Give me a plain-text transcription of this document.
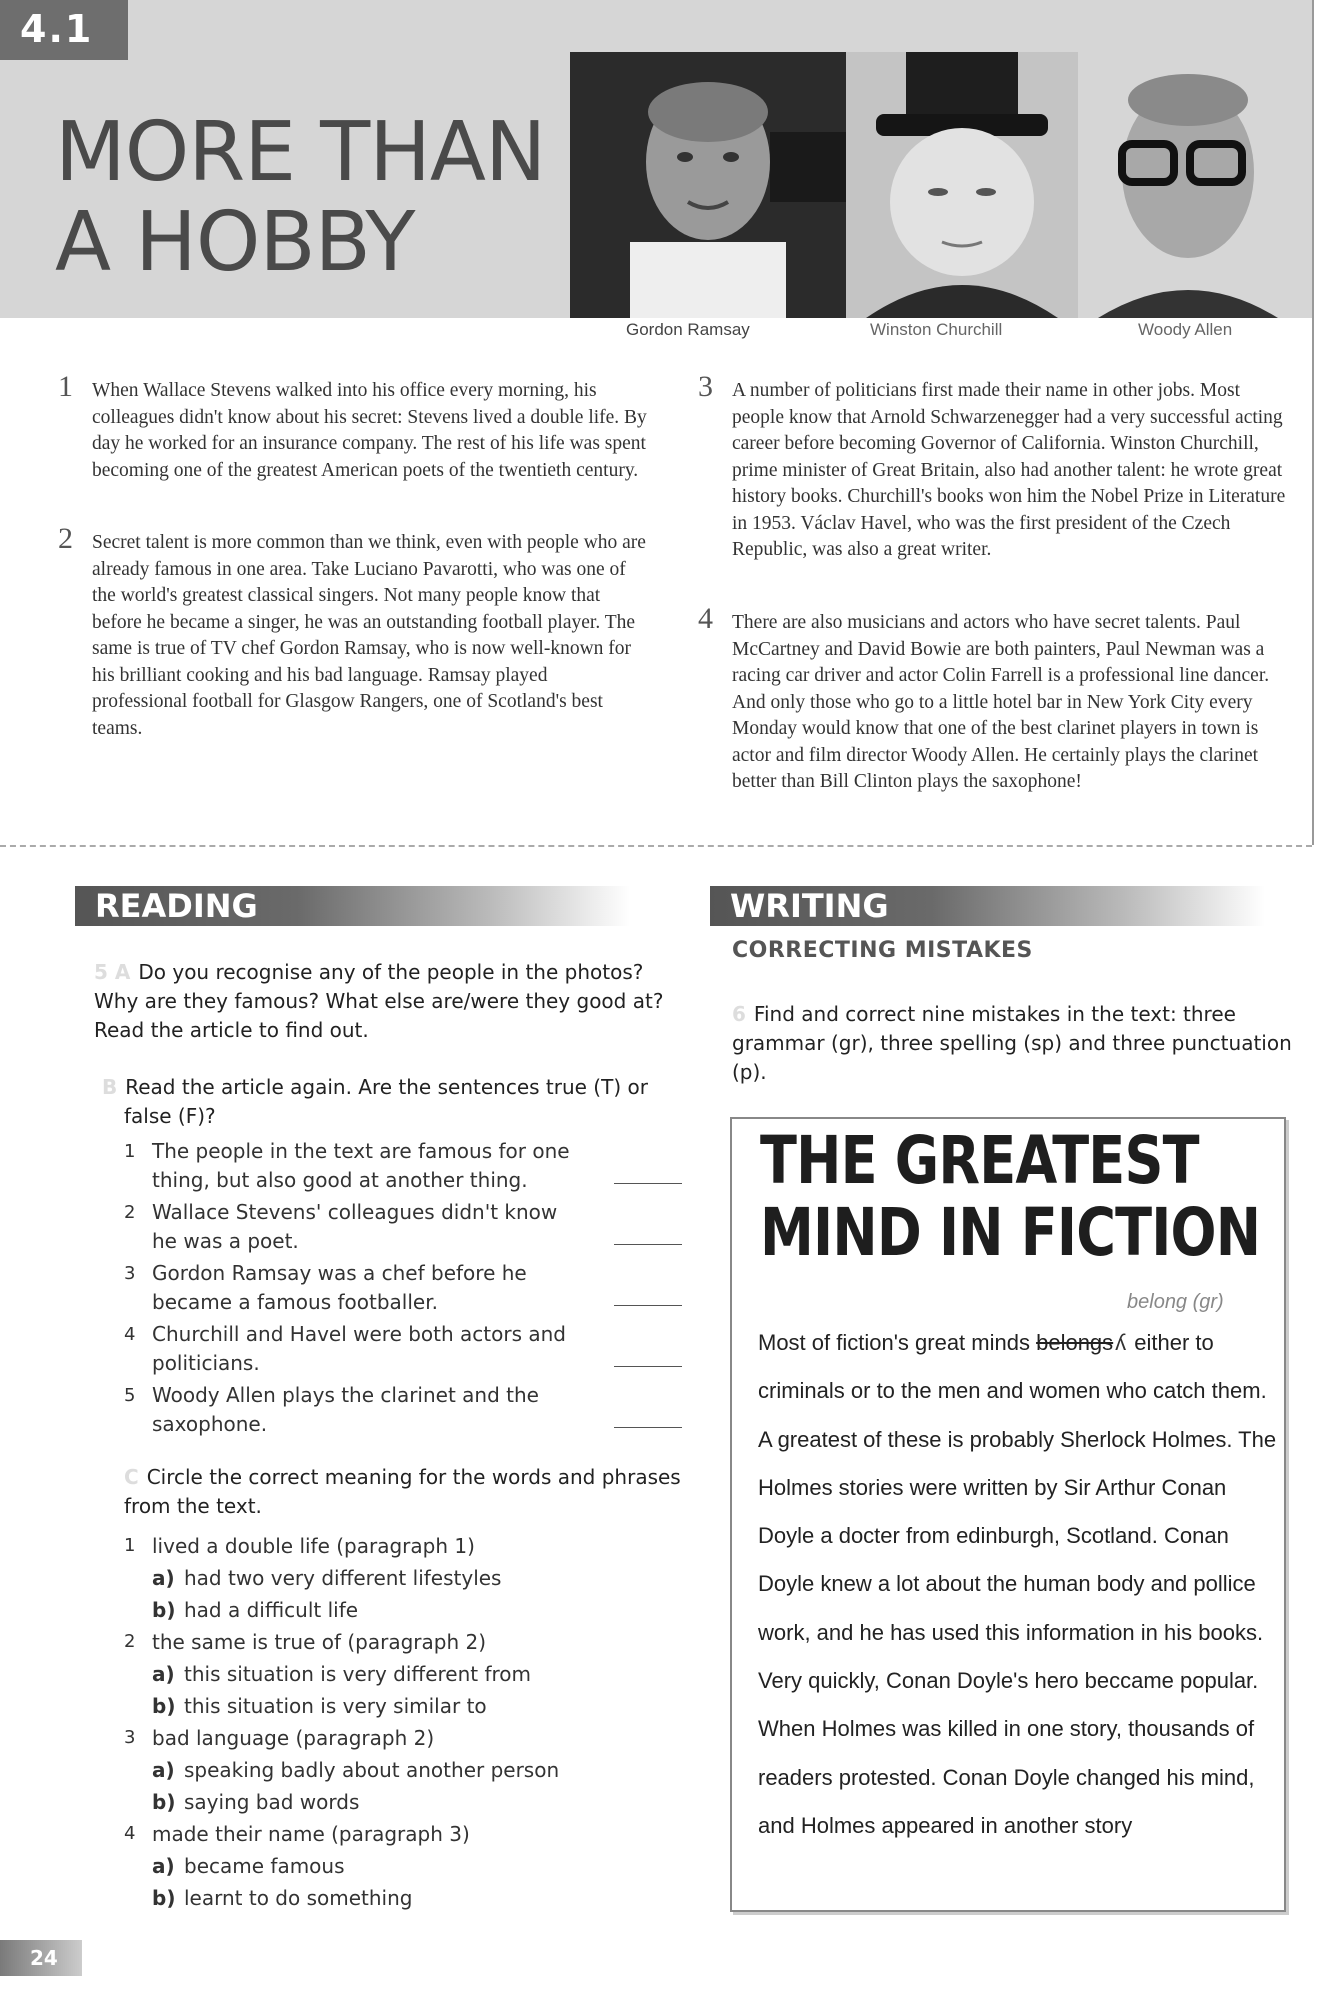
4.1
MORE THAN
A HOBBY
Gordon Ramsay	Winston Churchill	Woody Allen
1 When Wallace Stevens walked into his office every morning, his colleagues didn't know about his secret: Stevens lived a double life. By day he worked for an insurance company. The rest of his life was spent becoming one of the greatest American poets of the twentieth century.
2 Secret talent is more common than we think, even with people who are already famous in one area. Take Luciano Pavarotti, who was one of the world's greatest classical singers. Not many people know that before he became a singer, he was an outstanding football player. The same is true of TV chef Gordon Ramsay, who is now well-known for his brilliant cooking and his bad language. Ramsay played professional football for Glasgow Rangers, one of Scotland's best teams.
3 A number of politicians first made their name in other jobs. Most people know that Arnold Schwarzenegger had a very successful acting career before becoming Governor of California. Winston Churchill, prime minister of Great Britain, also had another talent: he wrote great history books. Churchill's books won him the Nobel Prize in Literature in 1953. Václav Havel, who was the first president of the Czech Republic, was also a great writer.
4 There are also musicians and actors who have secret talents. Paul McCartney and David Bowie are both painters, Paul Newman was a racing car driver and actor Colin Farrell is a professional line dancer. And only those who go to a little hotel bar in New York City every Monday would know that one of the best clarinet players in town is actor and film director Woody Allen. He certainly plays the clarinet better than Bill Clinton plays the saxophone!
READING
5 A Do you recognise any of the people in the photos? Why are they famous? What else are/were they good at? Read the article to find out.
B Read the article again. Are the sentences true (T) or false (F)?
1 The people in the text are famous for one thing, but also good at another thing.
2 Wallace Stevens' colleagues didn't know he was a poet.
3 Gordon Ramsay was a chef before he became a famous footballer.
4 Churchill and Havel were both actors and politicians.
5 Woody Allen plays the clarinet and the saxophone.
C Circle the correct meaning for the words and phrases from the text.
1 lived a double life (paragraph 1)
a) had two very different lifestyles
b) had a difficult life
2 the same is true of (paragraph 2)
a) this situation is very different from
b) this situation is very similar to
3 bad language (paragraph 2)
a) speaking badly about another person
b) saying bad words
4 made their name (paragraph 3)
a) became famous
b) learnt to do something
WRITING
CORRECTING MISTAKES
6 Find and correct nine mistakes in the text: three grammar (gr), three spelling (sp) and three punctuation (p).
THE GREATEST
MIND IN FICTION
belong (gr)
Most of fiction's great minds belongsʎ either to criminals or to the men and women who catch them. A greatest of these is probably Sherlock Holmes. The Holmes stories were written by Sir Arthur Conan Doyle a docter from edinburgh, Scotland. Conan Doyle knew a lot about the human body and pollice work, and he has used this information in his books. Very quickly, Conan Doyle's hero beccame popular. When Holmes was killed in one story, thousands of readers protested. Conan Doyle changed his mind, and Holmes appeared in another story
24
